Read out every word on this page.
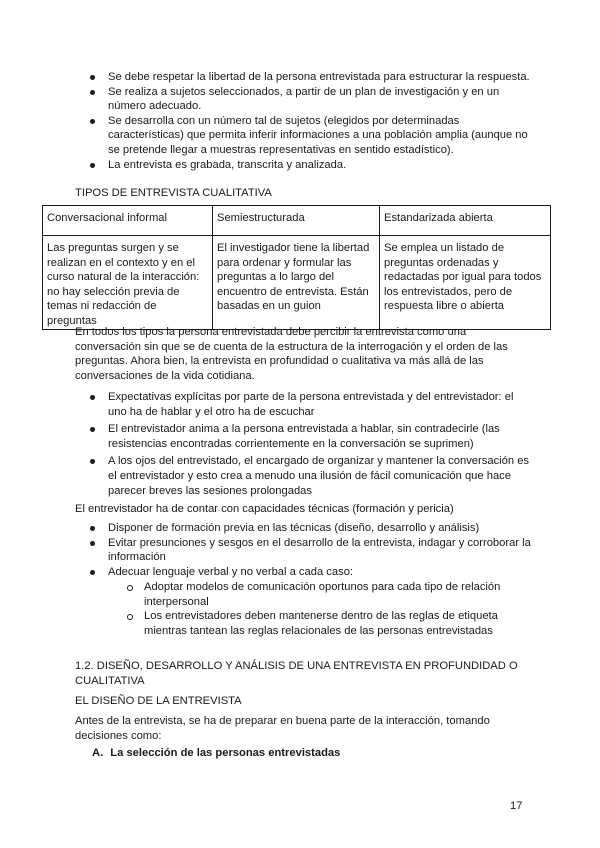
Se debe respetar la libertad de la persona entrevistada para estructurar la respuesta.
Se realiza a sujetos seleccionados, a partir de un plan de investigación y en un número adecuado.
Se desarrolla con un número tal de sujetos (elegidos por determinadas características) que permita inferir informaciones a una población amplia (aunque no se pretende llegar a muestras representativas en sentido estadístico).
La entrevista es grabada, transcrita y analizada.
TIPOS DE ENTREVISTA CUALITATIVA
Conversacional informal	Semiestructurada	Estandarizada abierta
Las preguntas surgen y se realizan en el contexto y en el curso natural de la interacción: no hay selección previa de temas ni redacción de preguntas	El investigador tiene la libertad para ordenar y formular las preguntas a lo largo del encuentro de entrevista. Están basadas en un guion	Se emplea un listado de preguntas ordenadas y redactadas por igual para todos los entrevistados, pero de respuesta libre o abierta

En todos los tipos la persona entrevistada debe percibir la entrevista como una conversación sin que se de cuenta de la estructura de la interrogación y el orden de las preguntas. Ahora bien, la entrevista en profundidad o cualitativa va más allá de las conversaciones de la vida cotidiana.

Expectativas explícitas por parte de la persona entrevistada y del entrevistador: el uno ha de hablar y el otro ha de escuchar
El entrevistador anima a la persona entrevistada a hablar, sin contradecirle (las resistencias encontradas corrientemente en la conversación se suprimen)
A los ojos del entrevistado, el encargado de organizar y mantener la conversación es el entrevistador y esto crea a menudo una ilusión de fácil comunicación que hace parecer breves las sesiones prolongadas

El entrevistador ha de contar con capacidades técnicas (formación y pericia)

Disponer de formación previa en las técnicas (diseño, desarrollo y análisis)
Evitar presunciones y sesgos en el desarrollo de la entrevista, indagar y corroborar la información
Adecuar lenguaje verbal y no verbal a cada caso:
Adoptar modelos de comunicación oportunos para cada tipo de relación interpersonal
Los entrevistadores deben mantenerse dentro de las reglas de etiqueta mientras tantean las reglas relacionales de las personas entrevistadas
1.2. DISEÑO, DESARROLLO Y ANÁLISIS DE UNA ENTREVISTA EN PROFUNDIDAD O CUALITATIVA
EL DISEÑO DE LA ENTREVISTA

Antes de la entrevista, se ha de preparar en buena parte de la interacción, tomando decisiones como:

A. La selección de las personas entrevistadas
17
